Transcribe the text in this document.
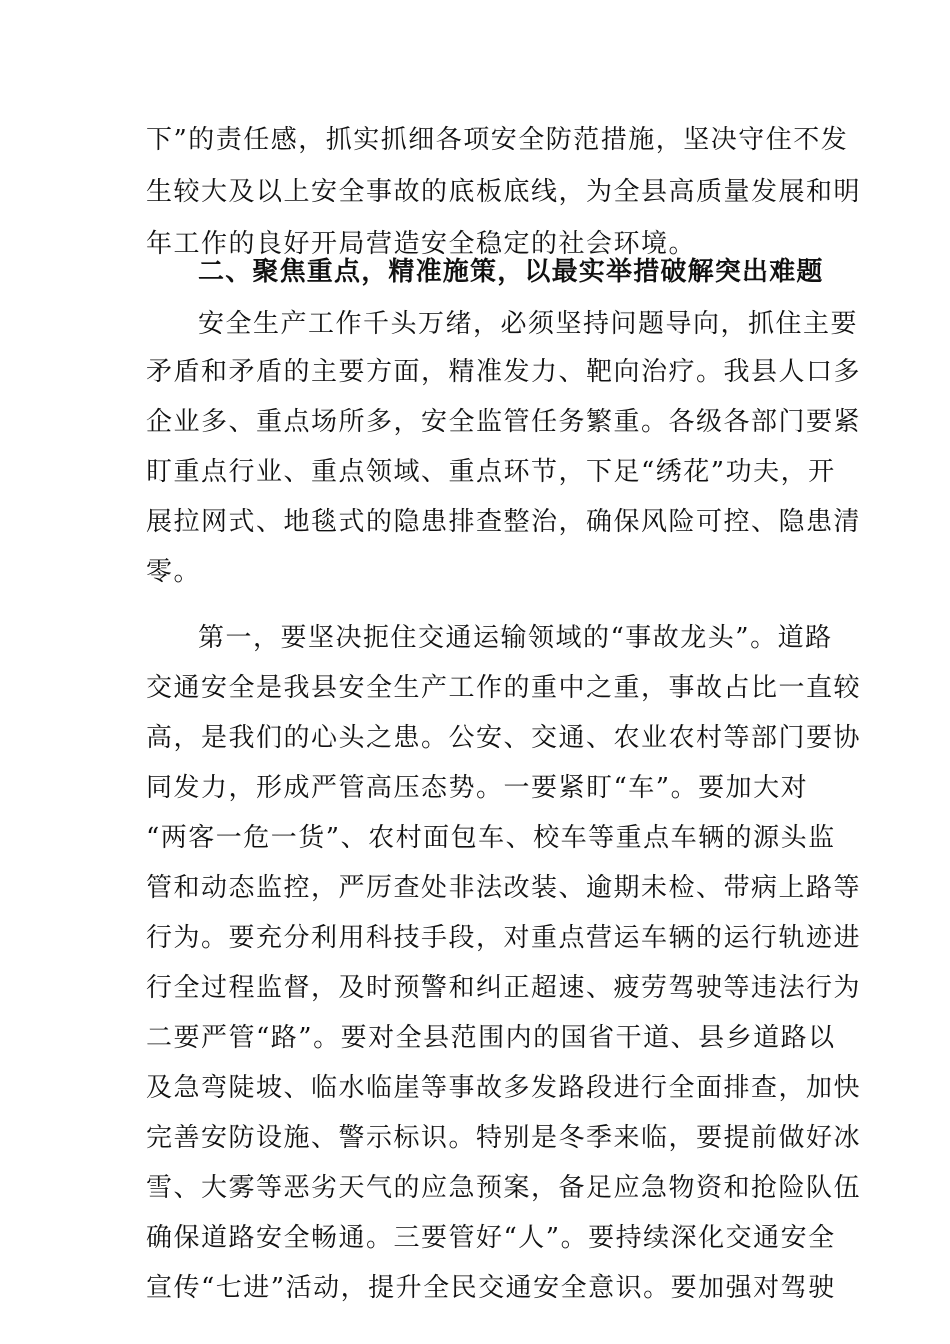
下”的责任感，抓实抓细各项安全防范措施，坚决守住不发

生较大及以上安全事故的底板底线，为全县高质量发展和明

年工作的良好开局营造安全稳定的社会环境。

二、聚焦重点，精准施策，以最实举措破解突出难题

安全生产工作千头万绪，必须坚持问题导向，抓住主要

矛盾和矛盾的主要方面，精准发力、靶向治疗。我县人口多

企业多、重点场所多，安全监管任务繁重。各级各部门要紧

盯重点行业、重点领域、重点环节，下足“绣花”功夫，开

展拉网式、地毯式的隐患排查整治，确保风险可控、隐患清

零。

第一，要坚决扼住交通运输领域的“事故龙头”。道路

交通安全是我县安全生产工作的重中之重，事故占比一直较

高，是我们的心头之患。公安、交通、农业农村等部门要协

同发力，形成严管高压态势。一要紧盯“车”。要加大对

“两客一危一货”、农村面包车、校车等重点车辆的源头监

管和动态监控，严厉查处非法改装、逾期未检、带病上路等

行为。要充分利用科技手段，对重点营运车辆的运行轨迹进

行全过程监督，及时预警和纠正超速、疲劳驾驶等违法行为

二要严管“路”。要对全县范围内的国省干道、县乡道路以

及急弯陡坡、临水临崖等事故多发路段进行全面排查，加快

完善安防设施、警示标识。特别是冬季来临，要提前做好冰

雪、大雾等恶劣天气的应急预案，备足应急物资和抢险队伍

确保道路安全畅通。三要管好“人”。要持续深化交通安全

宣传“七进”活动，提升全民交通安全意识。要加强对驾驶
